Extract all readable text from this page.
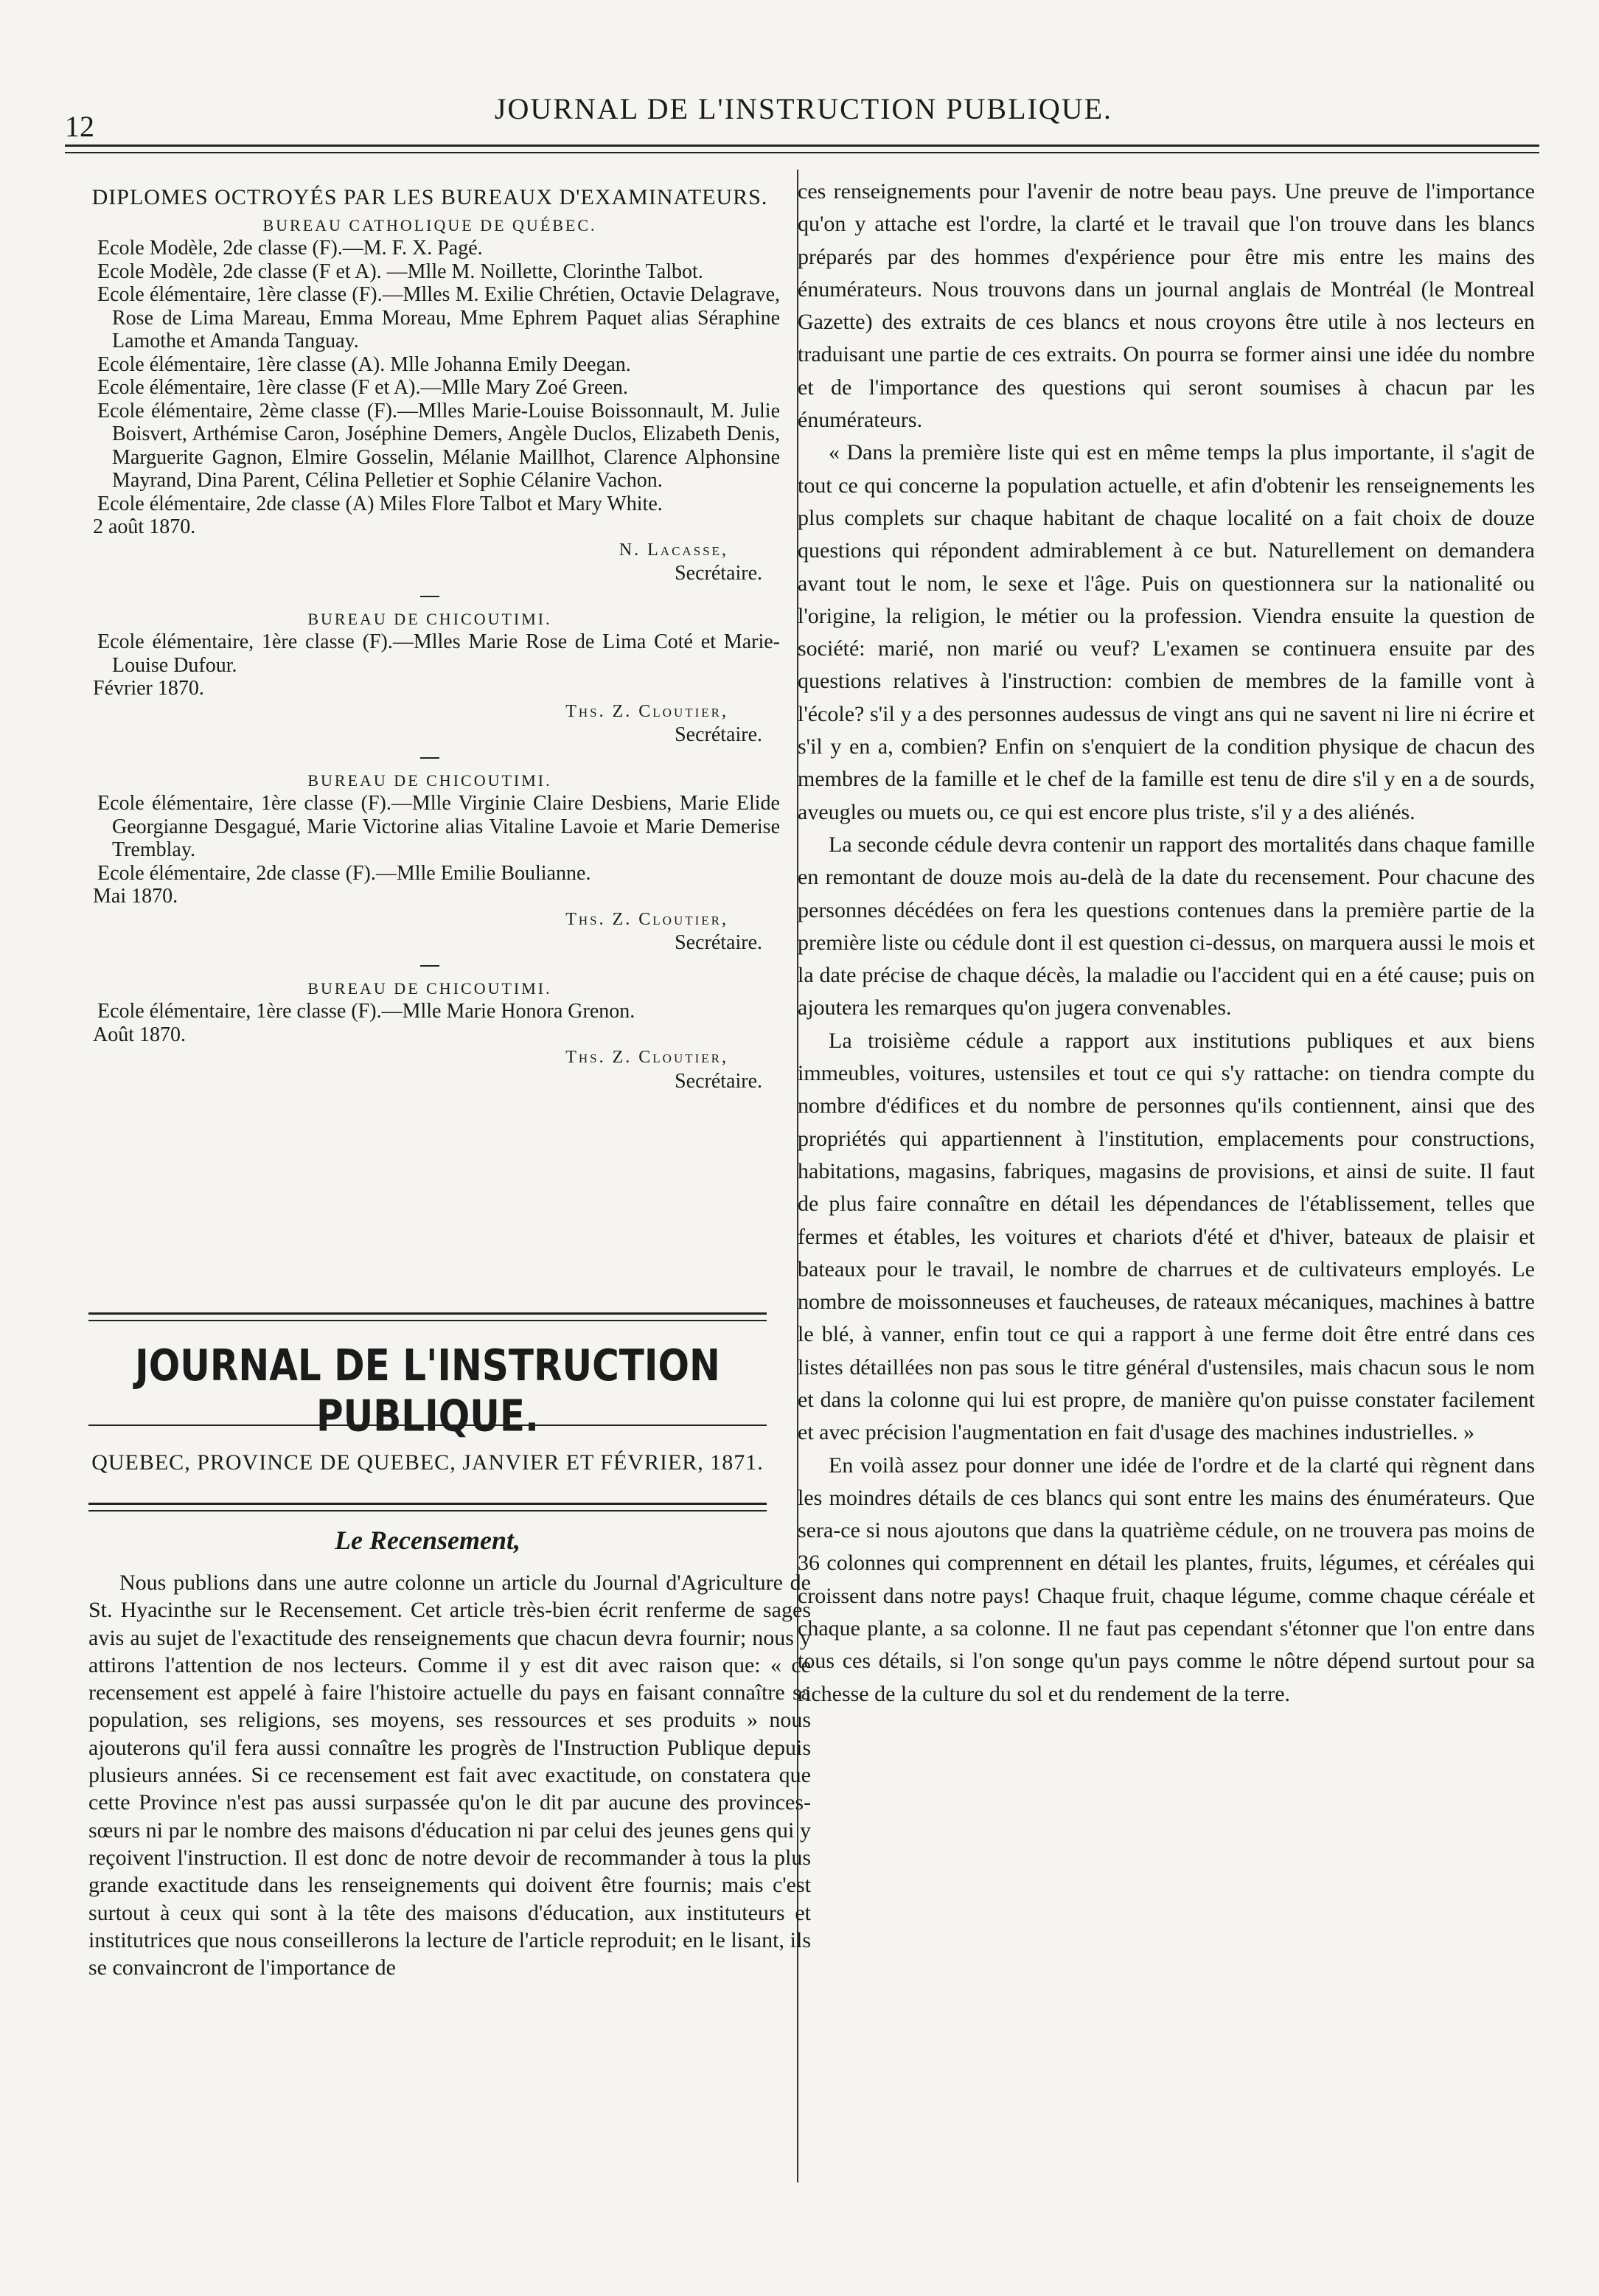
12
JOURNAL DE L'INSTRUCTION PUBLIQUE.

DIPLOMES OCTROYÉS PAR LES BUREAUX D'EXAMINATEURS.

BUREAU CATHOLIQUE DE QUÉBEC.

Ecole Modèle, 2de classe (F).—M. F. X. Pagé.

Ecole Modèle, 2de classe (F et A). —Mlle M. Noillette, Clorinthe Talbot.

Ecole élémentaire, 1ère classe (F).—Mlles M. Exilie Chrétien, Octavie Delagrave, Rose de Lima Mareau, Emma Moreau, Mme Ephrem Paquet alias Séraphine Lamothe et Amanda Tanguay.

Ecole élémentaire, 1ère classe (A). Mlle Johanna Emily Deegan.

Ecole élémentaire, 1ère classe (F et A).—Mlle Mary Zoé Green.

Ecole élémentaire, 2ème classe (F).—Mlles Marie-Louise Boissonnault, M. Julie Boisvert, Arthémise Caron, Joséphine Demers, Angèle Duclos, Elizabeth Denis, Marguerite Gagnon, Elmire Gosselin, Mélanie Maillhot, Clarence Alphonsine Mayrand, Dina Parent, Célina Pelletier et Sophie Célanire Vachon.

Ecole élémentaire, 2de classe (A) Miles Flore Talbot et Mary White.

2 août 1870.

N. Lacasse,

Secrétaire.

BUREAU DE CHICOUTIMI.

Ecole élémentaire, 1ère classe (F).—Mlles Marie Rose de Lima Coté et Marie-Louise Dufour.

Février 1870.

Ths. Z. Cloutier,

Secrétaire.

BUREAU DE CHICOUTIMI.

Ecole élémentaire, 1ère classe (F).—Mlle Virginie Claire Desbiens, Marie Elide Georgianne Desgagué, Marie Victorine alias Vitaline Lavoie et Marie Demerise Tremblay.

Ecole élémentaire, 2de classe (F).—Mlle Emilie Boulianne.

Mai 1870.

Ths. Z. Cloutier,

Secrétaire.

BUREAU DE CHICOUTIMI.

Ecole élémentaire, 1ère classe (F).—Mlle Marie Honora Grenon.

Août 1870.

Ths. Z. Cloutier,

Secrétaire.

JOURNAL DE L'INSTRUCTION PUBLIQUE.
QUEBEC, PROVINCE DE QUEBEC, JANVIER ET FÉVRIER, 1871.
Le Recensement,

Nous publions dans une autre colonne un article du Journal d'Agriculture de St. Hyacinthe sur le Recensement. Cet article très-bien écrit renferme de sages avis au sujet de l'exactitude des renseignements que chacun devra fournir; nous y attirons l'attention de nos lecteurs. Comme il y est dit avec raison que: « ce recensement est appelé à faire l'histoire actuelle du pays en faisant connaître sa population, ses religions, ses moyens, ses ressources et ses produits » nous ajouterons qu'il fera aussi connaître les progrès de l'Instruction Publique depuis plusieurs années. Si ce recensement est fait avec exactitude, on constatera que cette Province n'est pas aussi surpassée qu'on le dit par aucune des provinces-sœurs ni par le nombre des maisons d'éducation ni par celui des jeunes gens qui y reçoivent l'instruction. Il est donc de notre devoir de recommander à tous la plus grande exactitude dans les renseignements qui doivent être fournis; mais c'est surtout à ceux qui sont à la tête des maisons d'éducation, aux instituteurs et institutrices que nous conseillerons la lecture de l'article reproduit; en le lisant, ils se convaincront de l'importance de

ces renseignements pour l'avenir de notre beau pays. Une preuve de l'importance qu'on y attache est l'ordre, la clarté et le travail que l'on trouve dans les blancs préparés par des hommes d'expérience pour être mis entre les mains des énumérateurs. Nous trouvons dans un journal anglais de Montréal (le Montreal Gazette) des extraits de ces blancs et nous croyons être utile à nos lecteurs en traduisant une partie de ces extraits. On pourra se former ainsi une idée du nombre et de l'importance des questions qui seront soumises à chacun par les énumérateurs.

« Dans la première liste qui est en même temps la plus importante, il s'agit de tout ce qui concerne la population actuelle, et afin d'obtenir les renseignements les plus complets sur chaque habitant de chaque localité on a fait choix de douze questions qui répondent admirablement à ce but. Naturellement on demandera avant tout le nom, le sexe et l'âge. Puis on questionnera sur la nationalité ou l'origine, la religion, le métier ou la profession. Viendra ensuite la question de société: marié, non marié ou veuf? L'examen se continuera ensuite par des questions relatives à l'instruction: combien de membres de la famille vont à l'école? s'il y a des personnes audessus de vingt ans qui ne savent ni lire ni écrire et s'il y en a, combien? Enfin on s'enquiert de la condition physique de chacun des membres de la famille et le chef de la famille est tenu de dire s'il y en a de sourds, aveugles ou muets ou, ce qui est encore plus triste, s'il y a des aliénés.

La seconde cédule devra contenir un rapport des mortalités dans chaque famille en remontant de douze mois au-delà de la date du recensement. Pour chacune des personnes décédées on fera les questions contenues dans la première partie de la première liste ou cédule dont il est question ci-dessus, on marquera aussi le mois et la date précise de chaque décès, la maladie ou l'accident qui en a été cause; puis on ajoutera les remarques qu'on jugera convenables.

La troisième cédule a rapport aux institutions publiques et aux biens immeubles, voitures, ustensiles et tout ce qui s'y rattache: on tiendra compte du nombre d'édifices et du nombre de personnes qu'ils contiennent, ainsi que des propriétés qui appartiennent à l'institution, emplacements pour constructions, habitations, magasins, fabriques, magasins de provisions, et ainsi de suite. Il faut de plus faire connaître en détail les dépendances de l'établissement, telles que fermes et étables, les voitures et chariots d'été et d'hiver, bateaux de plaisir et bateaux pour le travail, le nombre de charrues et de cultivateurs employés. Le nombre de moissonneuses et faucheuses, de rateaux mécaniques, machines à battre le blé, à vanner, enfin tout ce qui a rapport à une ferme doit être entré dans ces listes détaillées non pas sous le titre général d'ustensiles, mais chacun sous le nom et dans la colonne qui lui est propre, de manière qu'on puisse constater facilement et avec précision l'augmentation en fait d'usage des machines industrielles. »

En voilà assez pour donner une idée de l'ordre et de la clarté qui règnent dans les moindres détails de ces blancs qui sont entre les mains des énumérateurs. Que sera-ce si nous ajoutons que dans la quatrième cédule, on ne trouvera pas moins de 36 colonnes qui comprennent en détail les plantes, fruits, légumes, et céréales qui croissent dans notre pays! Chaque fruit, chaque légume, comme chaque céréale et chaque plante, a sa colonne. Il ne faut pas cependant s'étonner que l'on entre dans tous ces détails, si l'on songe qu'un pays comme le nôtre dépend surtout pour sa richesse de la culture du sol et du rendement de la terre.
